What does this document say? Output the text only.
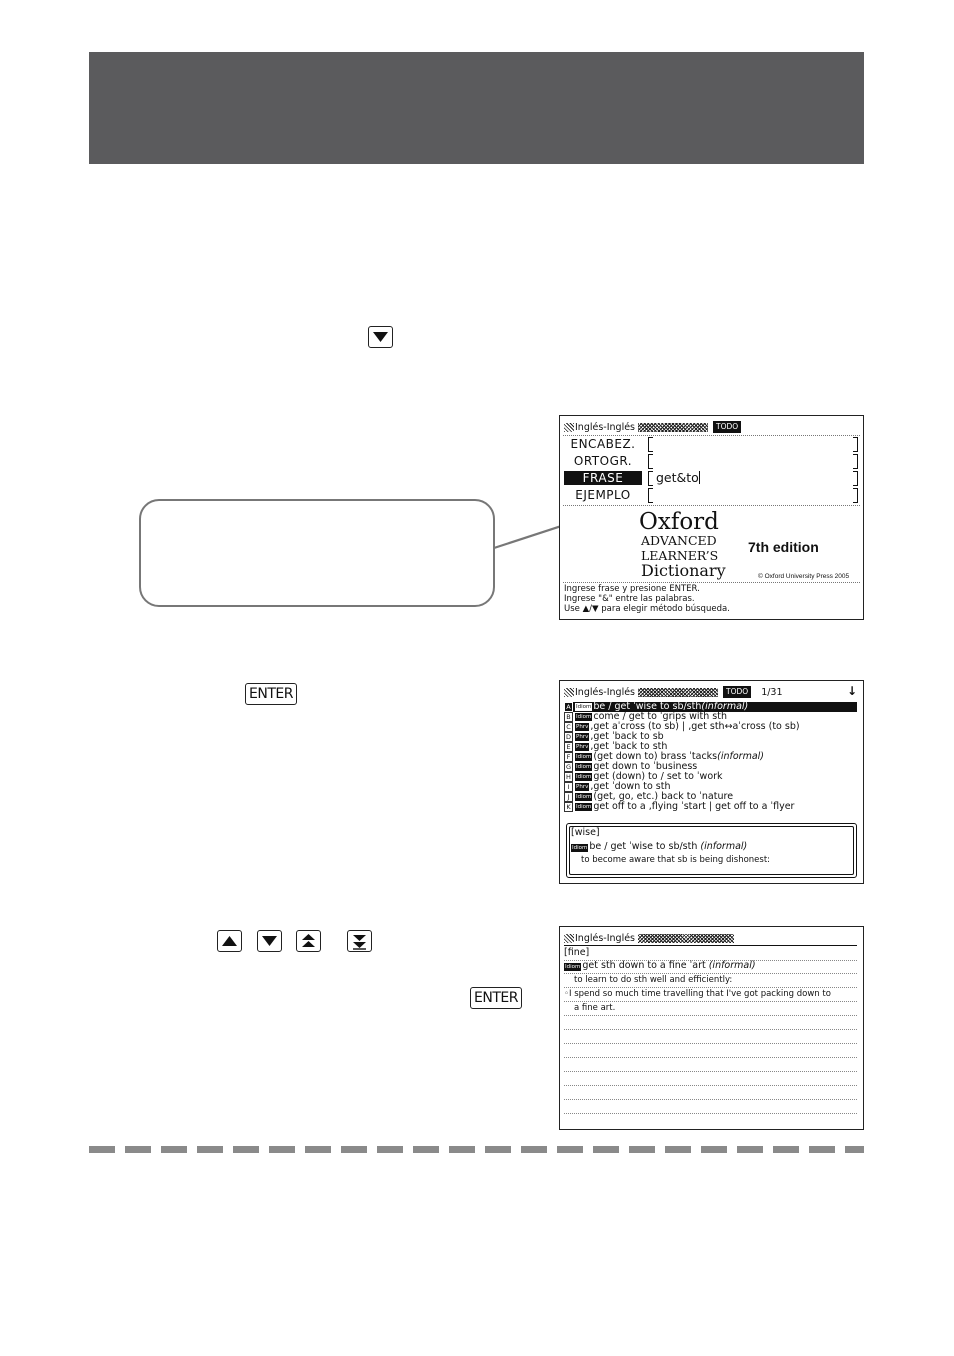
ENTER
ENTER
Inglés-Inglés	TODO
ENCABEZ.
ORTOGR.
FRASE	get&to
EJEMPLO
Oxford
ADVANCED
LEARNER’S
Dictionary
7th edition
© Oxford University Press 2005
Ingrese frase y presione ENTER.
Ingrese "&" entre las palabras.
Use ▲/▼ para elegir método búsqueda.
Inglés-Inglés	TODO	1/31	↓
A Idiom be / get ˈwise to sb/sth (informal)
B Idiom come / get to ˈgrips with sth
C Phrv ,get aˈcross (to sb) | ,get sth↔aˈcross (to sb)
D Phrv ,get ˈback to sb
E Phrv ,get ˈback to sth
F	Idiom (get down to) brass ˈtacks (informal)
G Idiom get down to ˈbusiness
H Idiom get (down) to / set to ˈwork
I	Phrv ,get ˈdown to sth
J	Idiom (get, go, etc.) back to ˈnature
K Idiom get off to a ,flying ˈstart | get off to a ˈflyer
[wise]
Idiom be / get ˈwise to sb/sth (informal)
to become aware that sb is being dishonest:
Inglés-Inglés
[fine]
Idiom get sth down to a fine ˈart (informal)
to learn to do sth well and efficiently:
◦I spend so much time travelling that I've got packing down to
a fine art.
